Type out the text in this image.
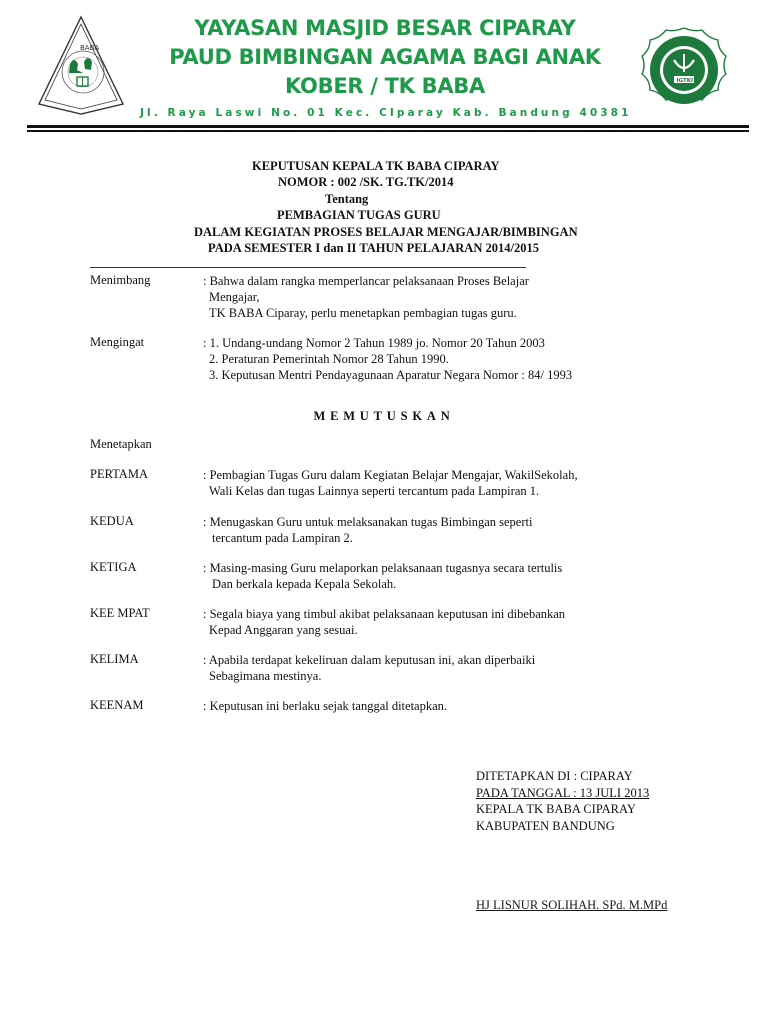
BABA
YAYASAN MASJID BESAR CIPARAY
PAUD BIMBINGAN AGAMA BAGI ANAK
KOBER / TK BABA
Jl. Raya Laswi No. 01 Kec. CIparay Kab. Bandung 40381
IGTKI
KEPUTUSAN KEPALA TK BABA CIPARAY
NOMOR : 002 /SK. TG.TK/2014
Tentang
PEMBAGIAN TUGAS GURU
DALAM KEGIATAN PROSES BELAJAR MENGAJAR/BIMBINGAN
PADA SEMESTER I dan II TAHUN PELAJARAN 2014/2015
Menimbang	: Bahwa dalam rangka memperlancar pelaksanaan Proses Belajar
Mengajar,
TK BABA Ciparay, perlu menetapkan pembagian tugas guru.
Mengingat	: 1. Undang-undang Nomor 2 Tahun 1989 jo. Nomor 20 Tahun 2003
2. Peraturan Pemerintah Nomor 28 Tahun 1990.
3. Keputusan Mentri Pendayagunaan Aparatur Negara Nomor : 84/ 1993
MEMUTUSKAN
Menetapkan
PERTAMA	: Pembagian Tugas Guru dalam Kegiatan Belajar Mengajar, WakilSekolah,
Wali Kelas dan tugas Lainnya seperti tercantum pada Lampiran 1.
KEDUA	: Menugaskan Guru untuk melaksanakan tugas Bimbingan seperti
tercantum pada Lampiran 2.
KETIGA	: Masing-masing Guru melaporkan pelaksanaan tugasnya secara tertulis
Dan berkala kepada Kepala Sekolah.
KEE MPAT	: Segala biaya yang timbul akibat pelaksanaan keputusan ini dibebankan
Kepad Anggaran yang sesuai.
KELIMA	: Apabila terdapat kekeliruan dalam keputusan ini, akan diperbaiki
Sebagimana mestinya.
KEENAM	: Keputusan ini berlaku sejak tanggal ditetapkan.
DITETAPKAN DI : CIPARAY
PADA TANGGAL : 13 JULI 2013
KEPALA TK BABA CIPARAY
KABUPATEN BANDUNG
HJ LISNUR SOLIHAH. SPd. M.MPd
